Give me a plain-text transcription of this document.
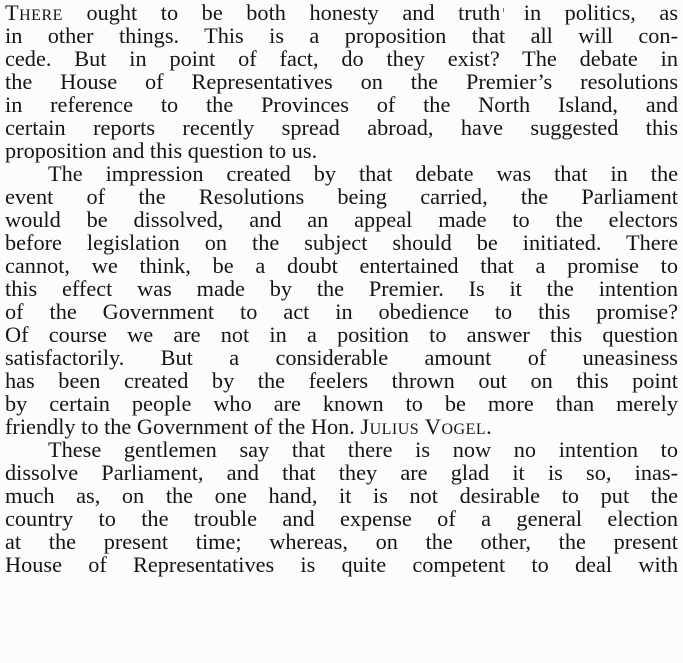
There ought to be both honesty and truth in politics, as
in other things. This is a proposition that all will con-
cede. But in point of fact, do they exist? The debate in
the House of Representatives on the Premier’s resolutions
in reference to the Provinces of the North Island, and
certain reports recently spread abroad, have suggested this
proposition and this question to us.
The impression created by that debate was that in the
event of the Resolutions being carried, the Parliament
would be dissolved, and an appeal made to the electors
before legislation on the subject should be initiated. There
cannot, we think, be a doubt entertained that a promise to
this effect was made by the Premier. Is it the intention
of the Government to act in obedience to this promise?
Of course we are not in a position to answer this question
satisfactorily. But a considerable amount of uneasiness
has been created by the feelers thrown out on this point
by certain people who are known to be more than merely
friendly to the Government of the Hon. Julius Vogel.
These gentlemen say that there is now no intention to
dissolve Parliament, and that they are glad it is so, inas-
much as, on the one hand, it is not desirable to put the
country to the trouble and expense of a general election
at the present time; whereas, on the other, the present
House of Representatives is quite competent to deal with
